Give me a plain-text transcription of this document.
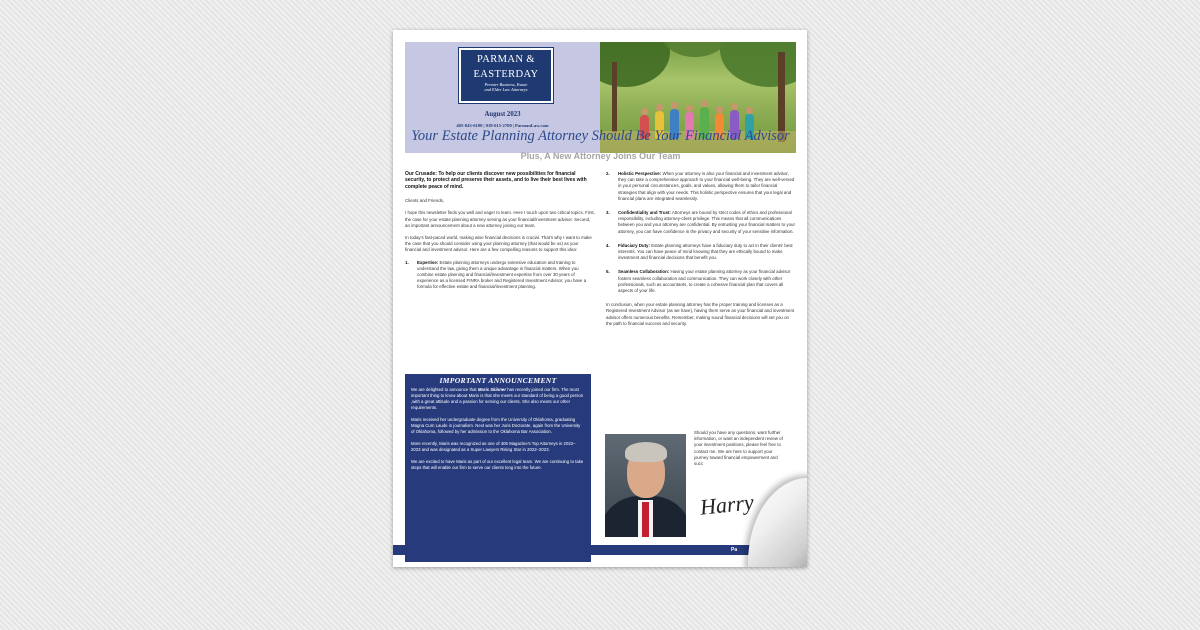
PARMAN &
EASTERDAY
Premier Business, Estate
and Elder Law Attorneys
August 2023
405-843-6100 | 918-615-2700 | ParmanLaw.com
Your Estate Planning Attorney Should Be Your Financial Advisor
Plus, A New Attorney Joins Our Team

Our Crusade: To help our clients discover new possibilities for financial security, to protect and preserve their assets, and to live their best lives with complete peace of mind.

Clients and Friends,

I hope this newsletter finds you well and eager to learn. Here I touch upon two critical topics. First, the case for your estate planning attorney serving as your financial/investment advisor. Second, an important announcement about a new attorney joining our team.

In today's fast-paced world, making wise financial decisions is crucial. That's why I want to make the case that you should consider using your planning attorney (that would be us) as your financial and investment advisor. Here are a few compelling reasons to support this idea:

1. Expertise: Estate planning attorneys undergo extensive education and training to understand the law, giving them a unique advantage in financial matters. When you combine estate planning and financial/investment expertise from over 30 years of experience as a licensed FINRA broker and Registered Investment Advisor, you have a formula for effective estate and financial/investment planning.
IMPORTANT ANNOUNCEMENT

We are delighted to announce that Maris Skinner has recently joined our firm. The most important thing to know about Maris is that she meets our standard of being a good person ,with a great attitude and a passion for serving our clients. She also meets our other requirements.

Maris received her undergraduate degree from the University of Oklahoma, graduating Magna Cum Laude in journalism. Next was her Juris Doctorate, again from the University of Oklahoma, followed by her admission to the Oklahoma Bar Association.

More recently, Maris was recognized as one of 405 Magazine's Top Attorneys in 2022–2023 and was designated as a Super Lawyers Rising Star in 2022–2023.

We are excited to have Maris as part of our excellent legal team. We are continuing to take steps that will enable our firm to serve our clients long into the future.

2. Holistic Perspective: When your attorney is also your financial and investment advisor, they can take a comprehensive approach to your financial well-being. They are well-versed in your personal circumstances, goals, and values, allowing them to tailor financial strategies that align with your needs. This holistic perspective ensures that your legal and financial plans are integrated seamlessly.
3. Confidentiality and Trust: Attorneys are bound by strict codes of ethics and professional responsibility, including attorney-client privilege. This means that all communications between you and your attorney are confidential. By entrusting your financial matters to your attorney, you can have confidence in the privacy and security of your sensitive information.
4. Fiduciary Duty: Estate planning attorneys have a fiduciary duty to act in their clients' best interests. You can have peace of mind knowing that they are ethically bound to make investment and financial decisions that benefit you.
5. Seamless Collaboration: Having your estate planning attorney as your financial advisor fosters seamless collaboration and communication. They can work closely with other professionals, such as accountants, to create a cohesive financial plan that covers all aspects of your life.

In conclusion, when your estate planning attorney has the proper training and licenses as a Registered Investment Advisor (as we have), having them serve as your financial and investment advisor offers numerous benefits. Remember, making sound financial decisions will set you on the path to financial success and security.

Should you have any questions, want further information, or want an independent review of your investment positions, please feel free to contact me. We are here to support your journey toward financial empowerment and succ
Harry
Pa
